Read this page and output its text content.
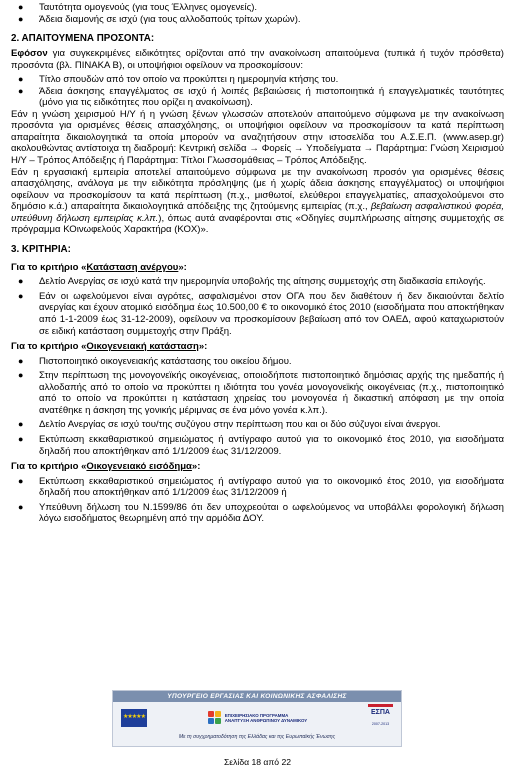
●	Ταυτότητα ομογενούς (για τους Έλληνες ομογενείς).
●	Άδεια διαμονής σε ισχύ (για τους αλλοδαπούς τρίτων χωρών).
2. ΑΠΑΙΤΟΥΜΕΝΑ ΠΡΟΣΟΝΤΑ:

Εφόσον για συγκεκριμένες ειδικότητες ορίζονται από την ανακοίνωση απαιτούμενα (τυπικά ή τυχόν πρόσθετα) προσόντα (βλ. ΠΙΝΑΚΑ Β), οι υποψήφιοι οφείλουν να προσκομίσουν:

●	Τίτλο σπουδών από τον οποίο να προκύπτει η ημερομηνία κτήσης του.
●	Άδεια άσκησης επαγγέλματος σε ισχύ ή λοιπές βεβαιώσεις ή πιστοποιητικά ή επαγγελματικές ταυτότητες (μόνο για τις ειδικότητες που ορίζει η ανακοίνωση).

Εάν η γνώση χειρισμού Η/Υ ή η γνώση ξένων γλωσσών αποτελούν απαιτούμενο σύμφωνα με την ανακοίνωση προσόντα για ορισμένες θέσεις απασχόλησης, οι υποψήφιοι οφείλουν να προσκομίσουν τα κατά περίπτωση απαραίτητα δικαιολογητικά τα οποία μπορούν να αναζητήσουν στην ιστοσελίδα του Α.Σ.Ε.Π. (www.asep.gr) ακολουθώντας αντίστοιχα τη διαδρομή: Κεντρική σελίδα → Φορείς → Υποδείγματα → Παράρτημα: Γνώση Χειρισμού Η/Υ – Τρόπος Απόδειξης ή Παράρτημα: Τίτλοι Γλωσσομάθειας – Τρόπος Απόδειξης.

Εάν η εργασιακή εμπειρία αποτελεί απαιτούμενο σύμφωνα με την ανακοίνωση προσόν για ορισμένες θέσεις απασχόλησης, ανάλογα με την ειδικότητα πρόσληψης (με ή χωρίς άδεια άσκησης επαγγέλματος) οι υποψήφιοι οφείλουν να προσκομίσουν τα κατά περίπτωση (π.χ., μισθωτοί, ελεύθεροι επαγγελματίες, απασχολούμενοι στο δημόσιο κ.ά.) απαραίτητα δικαιολογητικά απόδειξης της ζητούμενης εμπειρίας (π.χ., βεβαίωση ασφαλιστικού φορέα, υπεύθυνη δήλωση εμπειρίας κ.λπ.), όπως αυτά αναφέρονται στις «Οδηγίες συμπλήρωσης αίτησης συμμετοχής σε πρόγραμμα ΚΟινωφελούς Χαρακτήρα (ΚΟΧ)».

3. ΚΡΙΤΗΡΙΑ:

Για το κριτήριο «Κατάσταση ανέργου»:

●	Δελτίο Ανεργίας σε ισχύ κατά την ημερομηνία υποβολής της αίτησης συμμετοχής στη διαδικασία επιλογής.
●	Εάν οι ωφελούμενοι είναι αγρότες, ασφαλισμένοι στον ΟΓΑ που δεν διαθέτουν ή δεν δικαιούνται δελτίο ανεργίας και έχουν ατομικό εισόδημα έως 10.500,00 € το οικονομικό έτος 2010 (εισοδήματα που αποκτήθηκαν από 1-1-2009 έως 31-12-2009), οφείλουν να προσκομίσουν βεβαίωση από τον ΟΑΕΔ, αφού καταχωριστούν σε ειδική κατάσταση συμμετοχής στην Πράξη.

Για το κριτήριο «Οικογενειακή κατάσταση»:

●	Πιστοποιητικό οικογενειακής κατάστασης του οικείου δήμου.
●	Στην περίπτωση της μονογονεϊκής οικογένειας, οποιοδήποτε πιστοποιητικό δημόσιας αρχής της ημεδαπής ή αλλοδαπής από το οποίο να προκύπτει η ιδιότητα του γονέα μονογονεϊκής οικογένειας (π.χ., πιστοποιητικό από το οποίο να προκύπτει η κατάσταση χηρείας του μονογονέα ή δικαστική απόφαση με την οποία ανατέθηκε η άσκηση της γονικής μέριμνας σε ένα μόνο γονέα κ.λπ.).
●	Δελτίο Ανεργίας σε ισχύ του/της συζύγου στην περίπτωση που και οι δύο σύζυγοι είναι άνεργοι.
●	Εκτύπωση εκκαθαριστικού σημειώματος ή αντίγραφο αυτού για το οικονομικό έτος 2010, για εισοδήματα δηλαδή που αποκτήθηκαν από 1/1/2009 έως 31/12/2009.

Για το κριτήριο «Οικογενειακό εισόδημα»:

●	Εκτύπωση εκκαθαριστικού σημειώματος ή αντίγραφο αυτού για το οικονομικό έτος 2010, για εισοδήματα δηλαδή που αποκτήθηκαν από 1/1/2009 έως 31/12/2009 ή
●	Υπεύθυνη δήλωση του Ν.1599/86 ότι δεν υποχρεούται ο ωφελούμενος να υποβάλλει φορολογική δήλωση λόγω εισοδήματος θεωρημένη από την αρμόδια ΔΟΥ.
ΥΠΟΥΡΓΕΙΟ ΕΡΓΑΣΙΑΣ ΚΑΙ ΚΟΙΝΩΝΙΚΗΣ ΑΣΦΑΛΙΣΗΣ
★★★★★	ΕΠΙΧΕΙΡΗΣΙΑΚΟ ΠΡΟΓΡΑΜΜΑ
ΑΝΑΠΤΥΞΗ ΑΝΘΡΩΠΙΝΟΥ ΔΥΝΑΜΙΚΟΥ
ΕΣΠΑ
2007-2013
Με τη συγχρηματοδότηση της Ελλάδας και της Ευρωπαϊκής Ένωσης
Σελίδα 18 από 22
